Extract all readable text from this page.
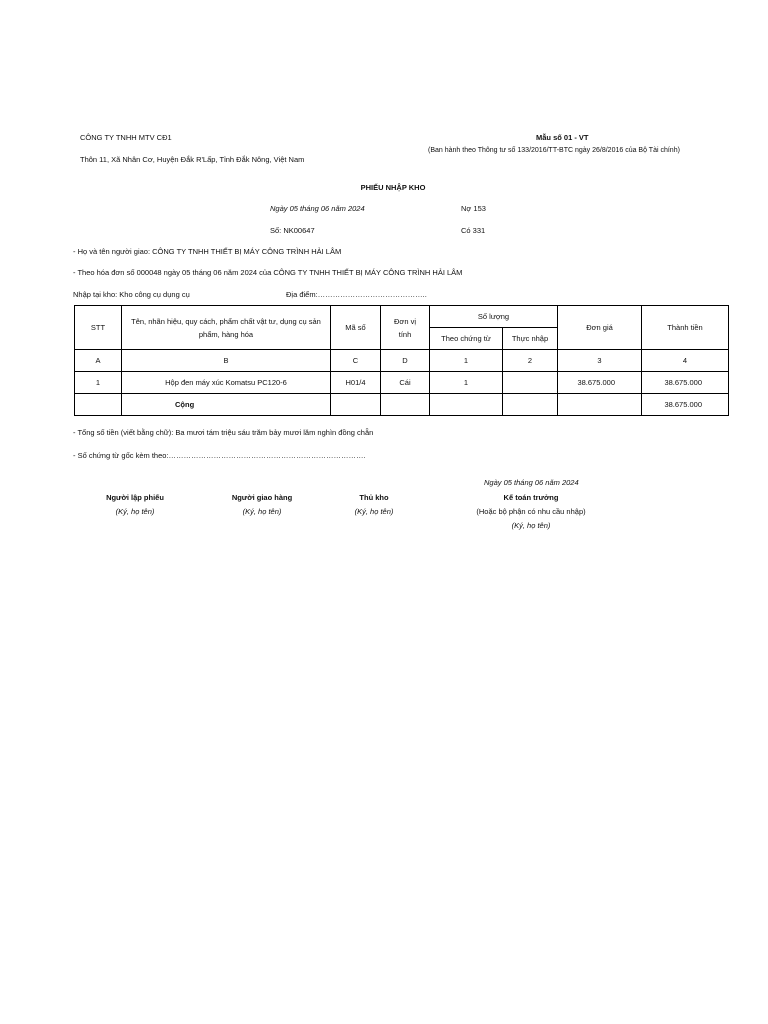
CÔNG TY TNHH MTV CĐ1
Thôn 11, Xã Nhân Cơ, Huyện Đắk R'Lấp, Tỉnh Đắk Nông, Việt Nam
Mẫu số 01 - VT
(Ban hành theo Thông tư số 133/2016/TT-BTC ngày 26/8/2016 của Bộ Tài chính)
PHIẾU NHẬP KHO
Ngày 05 tháng 06 năm 2024	Nợ 153
Số: NK00647	Có 331
- Họ và tên người giao: CÔNG TY TNHH THIẾT BỊ MÁY CÔNG TRÌNH HẢI LÂM
- Theo hóa đơn số 000048 ngày 05 tháng 06 năm 2024 của CÔNG TY TNHH THIẾT BỊ MÁY CÔNG TRÌNH HẢI LÂM
Nhập tại kho: Kho công cụ dụng cụ	Địa điểm:……………………………………..
STT	Tên, nhãn hiệu, quy cách, phẩm chất vật tư, dụng cụ sản phẩm, hàng hóa	Mã số	Đơn vị tính	Số lượng		Đơn giá	Thành tiền
				Theo chứng từ	Thực nhập		
A	B	C	D	1	2	3	4
1	Hộp đen máy xúc Komatsu PC120-6	H01/4	Cái	1		38.675.000	38.675.000
	Cộng						38.675.000
- Tổng số tiền (viết bằng chữ): Ba mươi tám triệu sáu trăm bảy mươi lăm nghìn đồng chẵn
- Số chứng từ gốc kèm theo:…………………………………………………………………….
Ngày 05 tháng 06 năm 2024
Người lập phiếu
(Ký, họ tên)
Người giao hàng
(Ký, họ tên)
Thủ kho
(Ký, họ tên)
Kế toán trưởng
(Hoặc bộ phận có nhu cầu nhập)
(Ký, họ tên)
